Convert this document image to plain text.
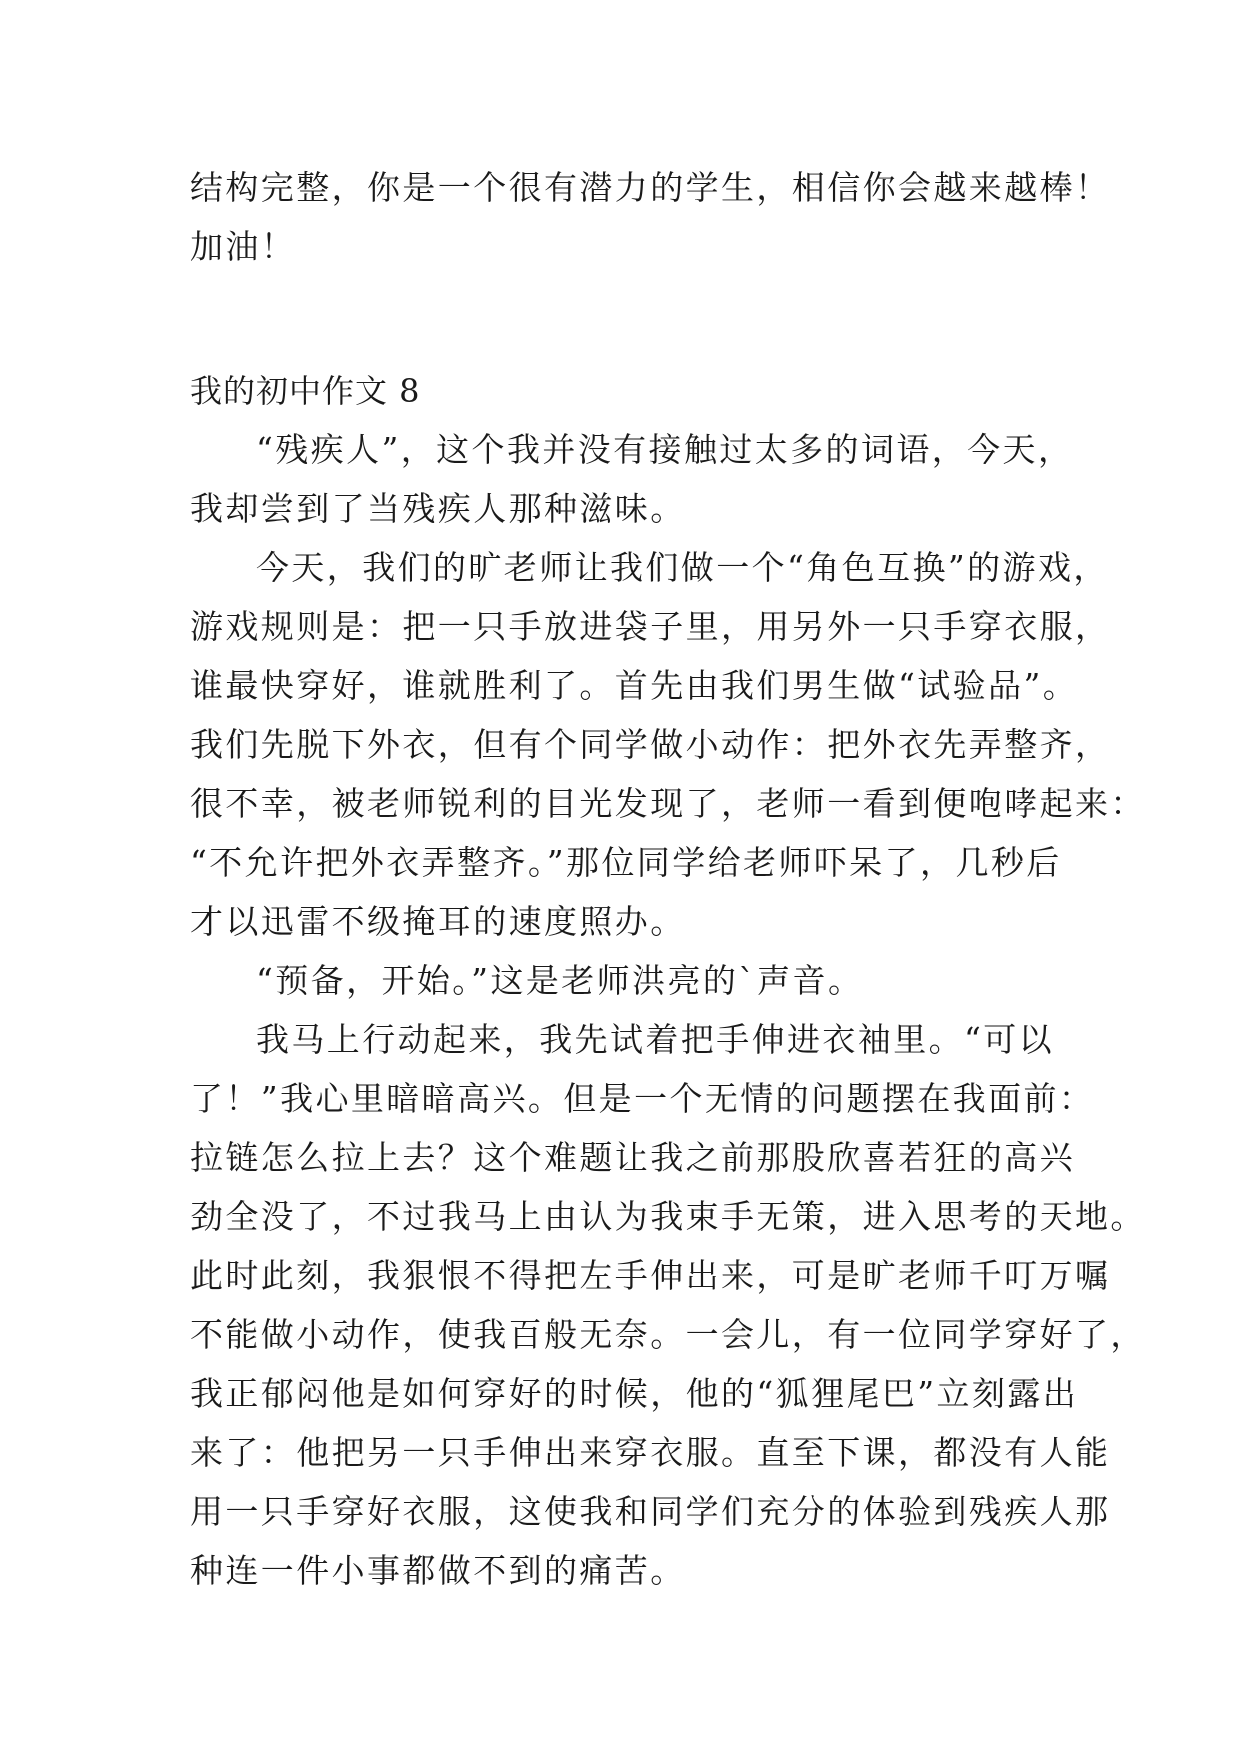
结构完整，你是一个很有潜力的学生，相信你会越来越棒！
加油！
我的初中作文 8
“残疾人”，这个我并没有接触过太多的词语，今天，
我却尝到了当残疾人那种滋味。
今天，我们的旷老师让我们做一个“角色互换”的游戏，
游戏规则是：把一只手放进袋子里，用另外一只手穿衣服，
谁最快穿好，谁就胜利了。首先由我们男生做“试验品”。
我们先脱下外衣，但有个同学做小动作：把外衣先弄整齐，
很不幸，被老师锐利的目光发现了，老师一看到便咆哮起来：
“不允许把外衣弄整齐。”那位同学给老师吓呆了，几秒后
才以迅雷不级掩耳的速度照办。
“预备，开始。”这是老师洪亮的`声音。
我马上行动起来，我先试着把手伸进衣袖里。“可以
了！”我心里暗暗高兴。但是一个无情的问题摆在我面前：
拉链怎么拉上去？这个难题让我之前那股欣喜若狂的高兴
劲全没了，不过我马上由认为我束手无策，进入思考的天地。
此时此刻，我狠恨不得把左手伸出来，可是旷老师千叮万嘱
不能做小动作，使我百般无奈。一会儿，有一位同学穿好了，
我正郁闷他是如何穿好的时候，他的“狐狸尾巴”立刻露出
来了：他把另一只手伸出来穿衣服。直至下课，都没有人能
用一只手穿好衣服，这使我和同学们充分的体验到残疾人那
种连一件小事都做不到的痛苦。
